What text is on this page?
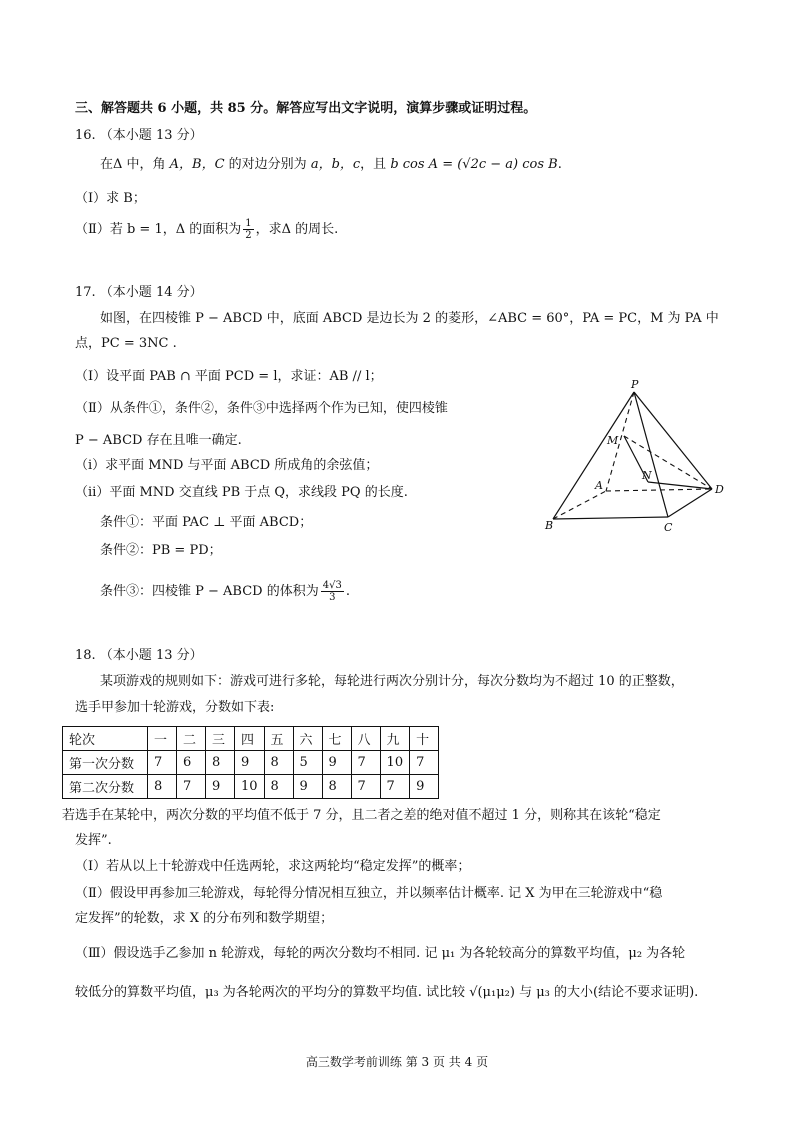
三、解答题共 6 小题，共 85 分。解答应写出文字说明，演算步骤或证明过程。
16. （本小题 13 分）
在Δ 中，角 A，B，C 的对边分别为 a，b，c，且 b cos A = (√2c − a) cos B.
（Ⅰ）求 B；
（Ⅱ）若 b = 1，Δ 的面积为 $\frac{1}{2}$ ，求Δ 的周长.
17. （本小题 14 分）
如图，在四棱锥 P − ABCD 中，底面 ABCD 是边长为 2 的菱形，∠ABC = 60°，PA = PC，M 为 PA 中
点，PC = 3NC .
（Ⅰ）设平面 PAB ∩ 平面 PCD = l，求证：AB // l；
（Ⅱ）从条件①，条件②，条件③中选择两个作为已知，使四棱锥
P − ABCD 存在且唯一确定.
（ⅰ）求平面 MND 与平面 ABCD 所成角的余弦值；
（ⅱ）平面 MND 交直线 PB 于点 Q，求线段 PQ 的长度.
条件①：平面 PAC ⊥ 平面 ABCD；
条件②：PB = PD；
条件③：四棱锥 P − ABCD 的体积为 $\frac{4√3}{3}$ .
P
M
N
A	D
B	C
18. （本小题 13 分）
某项游戏的规则如下：游戏可进行多轮，每轮进行两次分别计分，每次分数均为不超过 10 的正整数，
选手甲参加十轮游戏，分数如下表:
轮次	一	二	三	四	五	六	七	八	九	十
第一次分数	7	6	8	9	8	5	9	7	10	7
第二次分数	8	7	9	10	8	9	8	7	7	9
若选手在某轮中，两次分数的平均值不低于 7 分，且二者之差的绝对值不超过 1 分，则称其在该轮“稳定
发挥”.
（Ⅰ）若从以上十轮游戏中任选两轮，求这两轮均“稳定发挥”的概率；
（Ⅱ）假设甲再参加三轮游戏，每轮得分情况相互独立，并以频率估计概率. 记 X 为甲在三轮游戏中“稳
定发挥”的轮数，求 X 的分布列和数学期望；
（Ⅲ）假设选手乙参加 n 轮游戏，每轮的两次分数均不相同. 记 μ₁ 为各轮较高分的算数平均值，μ₂ 为各轮
较低分的算数平均值，μ₃ 为各轮两次的平均分的算数平均值. 试比较 √(μ₁μ₂) 与 μ₃ 的大小(结论不要求证明).
高三数学考前训练 第 3 页 共 4 页
